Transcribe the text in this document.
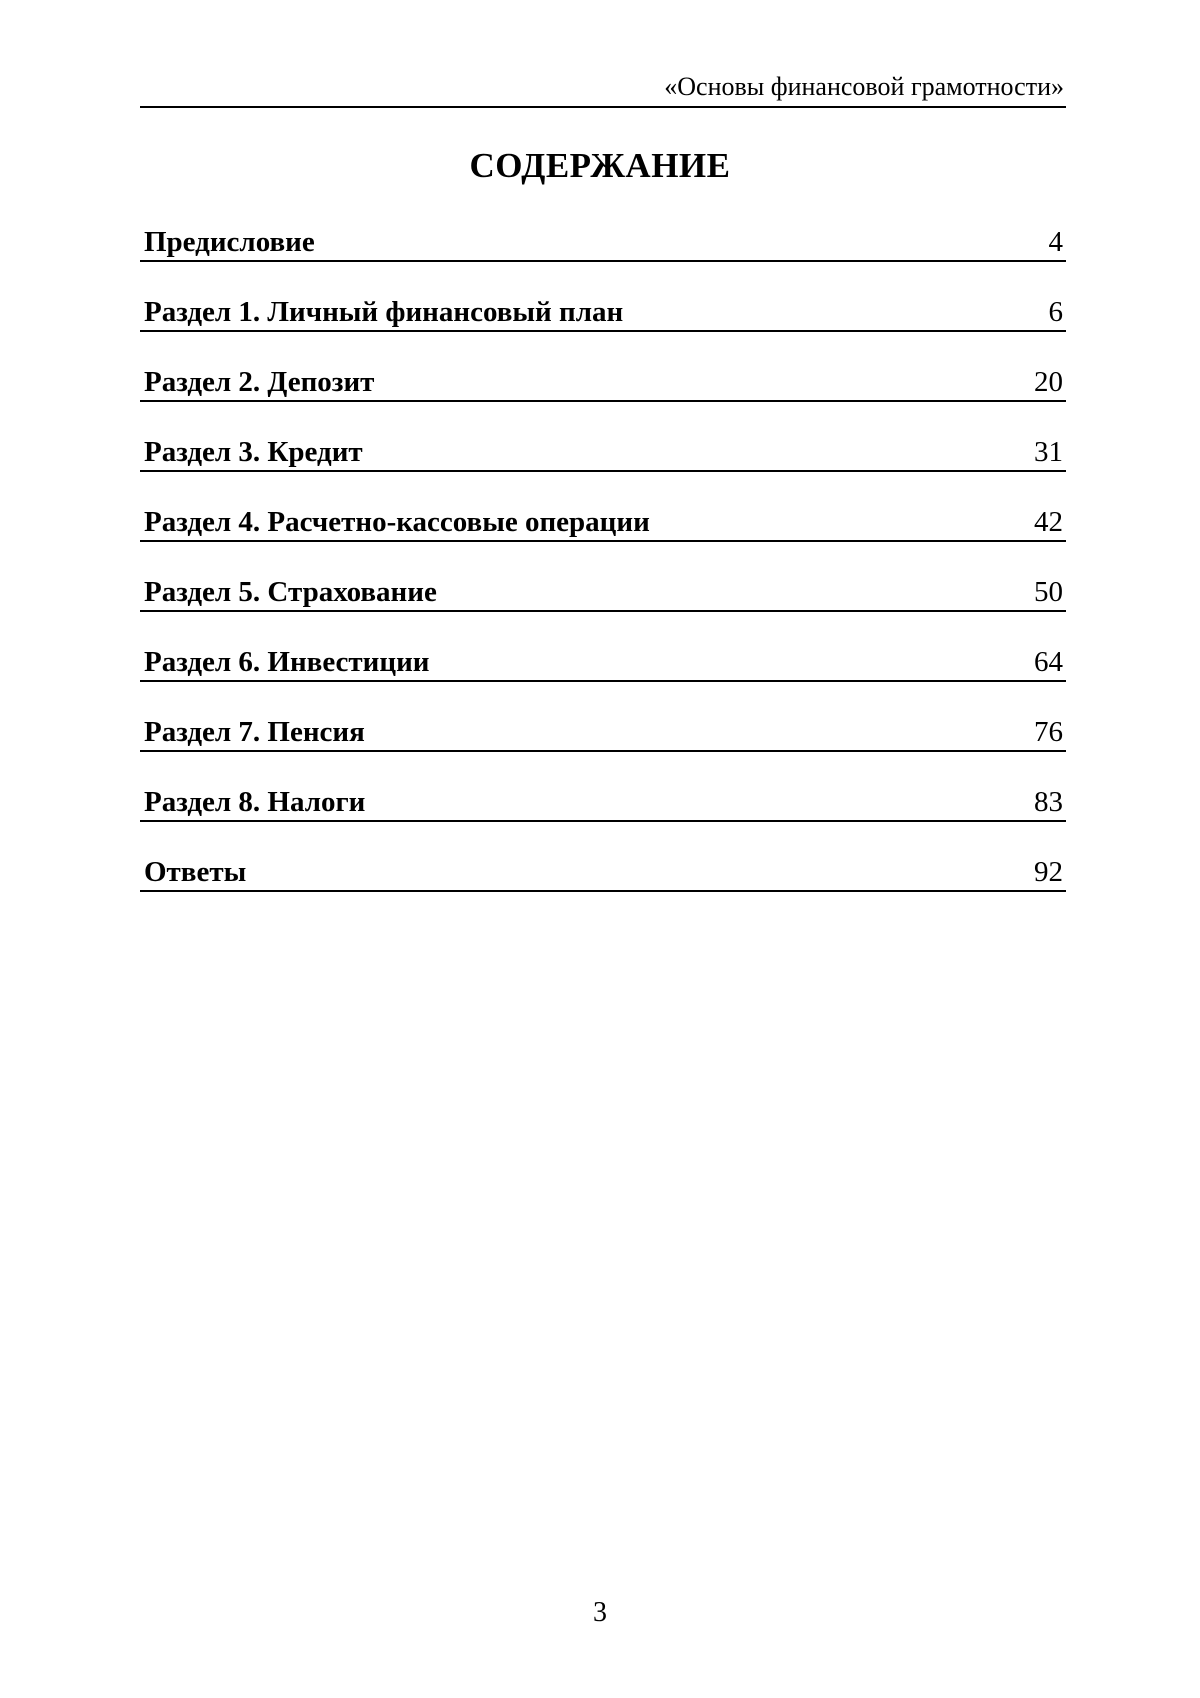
«Основы финансовой грамотности»
СОДЕРЖАНИЕ
Предисловие	4
Раздел 1. Личный финансовый план	6
Раздел 2. Депозит	20
Раздел 3. Кредит	31
Раздел 4. Расчетно-кассовые операции	42
Раздел 5. Страхование	50
Раздел 6. Инвестиции	64
Раздел 7. Пенсия	76
Раздел 8. Налоги	83
Ответы	92
3
